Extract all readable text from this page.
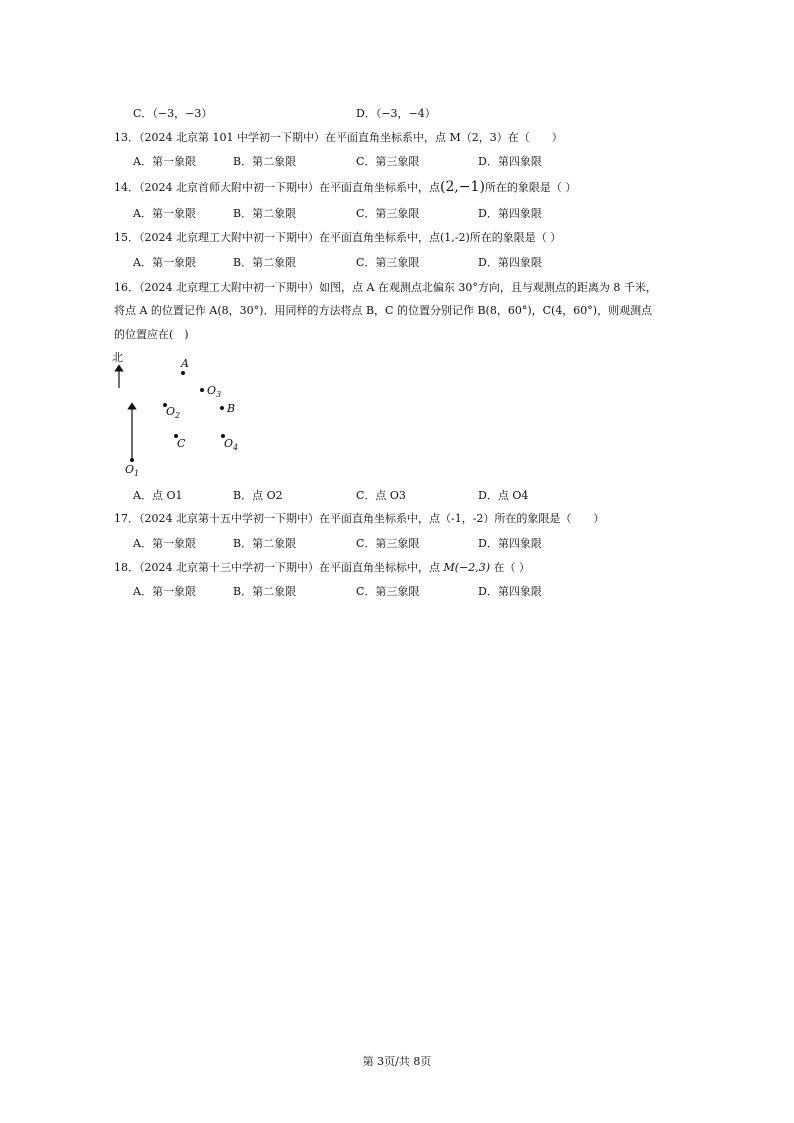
C．（−3，−3）	D．（−3，−4）
13．（2024 北京第 101 中学初一下期中）在平面直角坐标系中，点 M（2，3）在（　　）
A．第一象限	B．第二象限	C．第三象限	D．第四象限
14．（2024 北京首师大附中初一下期中）在平面直角坐标系中，点(2,−1)所在的象限是（ ）
A．第一象限	B．第二象限	C．第三象限	D．第四象限
15．（2024 北京理工大附中初一下期中）在平面直角坐标系中，点(1,-2)所在的象限是（ ）
A．第一象限	B．第二象限	C．第三象限	D．第四象限
16．（2024 北京理工大附中初一下期中）如图，点 A 在观测点北偏东 30°方向，且与观测点的距离为 8 千米，
将点 A 的位置记作 A(8，30°)．用同样的方法将点 B，C 的位置分别记作 B(8，60°)，C(4，60°)，则观测点
的位置应在(　)
北	A
$O_3$
$O_2$
B
C	$O_4$
$O_1$
A．点 O1	B．点 O2	C．点 O3	D．点 O4
17．（2024 北京第十五中学初一下期中）在平面直角坐标系中，点（-1，-2）所在的象限是（　　）
A．第一象限	B．第二象限	C．第三象限	D．第四象限
18．（2024 北京第十三中学初一下期中）在平面直角坐标标中，点 M(−2,3) 在（ ）
A．第一象限	B．第二象限	C．第三象限	D．第四象限
第 3页/共 8页
